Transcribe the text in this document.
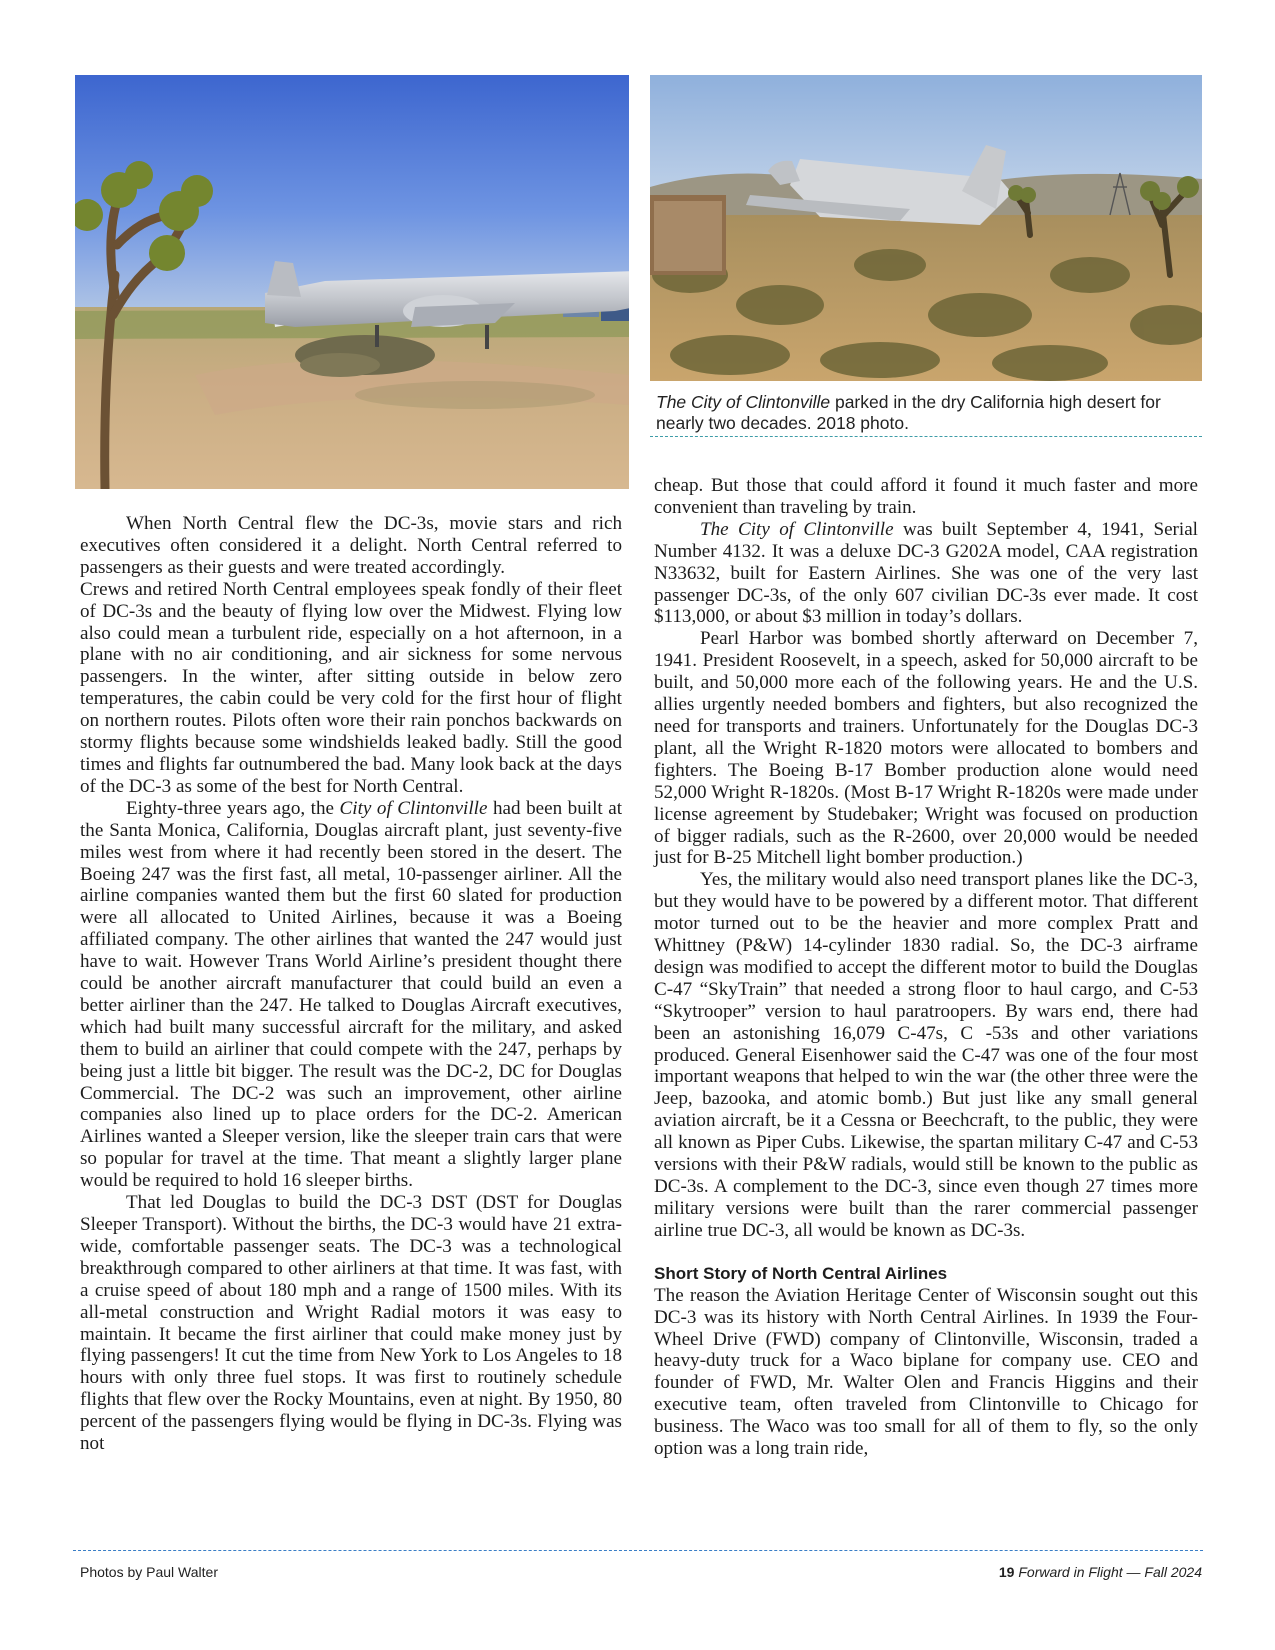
The City of Clintonville parked in the dry California high desert for nearly two decades. 2018 photo.

When North Central flew the DC-3s, movie stars and rich executives often considered it a delight. North Central referred to passengers as their guests and were treated accordingly.

Crews and retired North Central employees speak fondly of their fleet of DC-3s and the beauty of flying low over the Midwest. Flying low also could mean a turbulent ride, especially on a hot afternoon, in a plane with no air conditioning, and air sickness for some nervous passengers. In the winter, after sitting outside in below zero temperatures, the cabin could be very cold for the first hour of flight on northern routes. Pilots often wore their rain ponchos backwards on stormy flights because some windshields leaked badly. Still the good times and flights far outnumbered the bad. Many look back at the days of the DC-3 as some of the best for North Central.

Eighty-three years ago, the City of Clintonville had been built at the Santa Monica, California, Douglas aircraft plant, just seventy-five miles west from where it had recently been stored in the desert. The Boeing 247 was the first fast, all metal, 10-passenger airliner. All the airline companies wanted them but the first 60 slated for production were all allocated to United Airlines, because it was a Boeing affiliated company. The other airlines that wanted the 247 would just have to wait. However Trans World Airline’s president thought there could be another aircraft manufacturer that could build an even a better airliner than the 247. He talked to Douglas Aircraft executives, which had built many successful aircraft for the military, and asked them to build an airliner that could compete with the 247, perhaps by being just a little bit bigger. The result was the DC-2, DC for Douglas Commercial. The DC-2 was such an improvement, other airline companies also lined up to place orders for the DC-2. American Airlines wanted a Sleeper version, like the sleeper train cars that were so popular for travel at the time. That meant a slightly larger plane would be required to hold 16 sleeper births.

That led Douglas to build the DC-3 DST (DST for Douglas Sleeper Transport). Without the births, the DC-3 would have 21 extra-wide, comfortable passenger seats. The DC-3 was a technological breakthrough compared to other airliners at that time. It was fast, with a cruise speed of about 180 mph and a range of 1500 miles. With its all-metal construction and Wright Radial motors it was easy to maintain. It became the first airliner that could make money just by flying passengers! It cut the time from New York to Los Angeles to 18 hours with only three fuel stops. It was first to routinely schedule flights that flew over the Rocky Mountains, even at night. By 1950, 80 percent of the passengers flying would be flying in DC-3s. Flying was not

cheap. But those that could afford it found it much faster and more convenient than traveling by train.

The City of Clintonville was built September 4, 1941, Serial Number 4132. It was a deluxe DC-3 G202A model, CAA registration N33632, built for Eastern Airlines. She was one of the very last passenger DC-3s, of the only 607 civilian DC-3s ever made. It cost $113,000, or about $3 million in today’s dollars.

Pearl Harbor was bombed shortly afterward on December 7, 1941. President Roosevelt, in a speech, asked for 50,000 aircraft to be built, and 50,000 more each of the following years. He and the U.S. allies urgently needed bombers and fighters, but also recognized the need for transports and trainers. Unfortunately for the Douglas DC-3 plant, all the Wright R-1820 motors were allocated to bombers and fighters. The Boeing B-17 Bomber production alone would need 52,000 Wright R-1820s. (Most B-17 Wright R-1820s were made under license agreement by Studebaker; Wright was focused on production of bigger radials, such as the R-2600, over 20,000 would be needed just for B-25 Mitchell light bomber production.)

Yes, the military would also need transport planes like the DC-3, but they would have to be powered by a different motor. That different motor turned out to be the heavier and more complex Pratt and Whittney (P&W) 14-cylinder 1830 radial. So, the DC-3 airframe design was modified to accept the different motor to build the Douglas C-47 “SkyTrain” that needed a strong floor to haul cargo, and C-53 “Skytrooper” version to haul paratroopers. By wars end, there had been an astonishing 16,079 C-47s, C -53s and other variations produced. General Eisenhower said the C-47 was one of the four most important weapons that helped to win the war (the other three were the Jeep, bazooka, and atomic bomb.) But just like any small general aviation aircraft, be it a Cessna or Beechcraft, to the public, they were all known as Piper Cubs. Likewise, the spartan military C-47 and C-53 versions with their P&W radials, would still be known to the public as DC-3s. A complement to the DC-3, since even though 27 times more military versions were built than the rarer commercial passenger airline true DC-3, all would be known as DC-3s.

Short Story of North Central Airlines

The reason the Aviation Heritage Center of Wisconsin sought out this DC-3 was its history with North Central Airlines. In 1939 the Four-Wheel Drive (FWD) company of Clintonville, Wisconsin, traded a heavy-duty truck for a Waco biplane for company use. CEO and founder of FWD, Mr. Walter Olen and Francis Higgins and their executive team, often traveled from Clintonville to Chicago for business. The Waco was too small for all of them to fly, so the only option was a long train ride,

Photos by Paul Walter	19 Forward in Flight — Fall 2024
